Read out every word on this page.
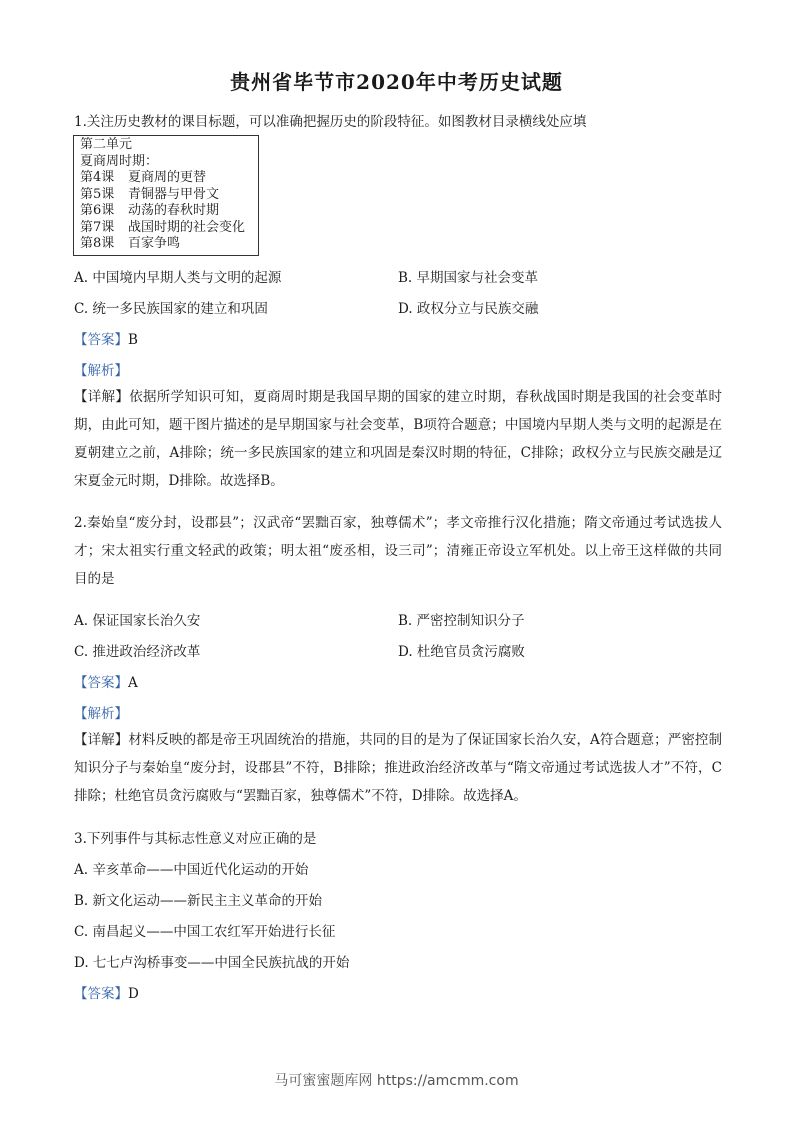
贵州省毕节市2020年中考历史试题
1.关注历史教材的课目标题，可以准确把握历史的阶段特征。如图教材目录横线处应填
第二单元
夏商周时期：
第4课 夏商周的更替
第5课 青铜器与甲骨文
第6课 动荡的春秋时期
第7课 战国时期的社会变化
第8课 百家争鸣
A. 中国境内早期人类与文明的起源	B. 早期国家与社会变革
C. 统一多民族国家的建立和巩固	D. 政权分立与民族交融
【答案】B
【解析】
【详解】依据所学知识可知，夏商周时期是我国早期的国家的建立时期，春秋战国时期是我国的社会变革时期，由此可知，题干图片描述的是早期国家与社会变革，B项符合题意；中国境内早期人类与文明的起源是在夏朝建立之前，A排除；统一多民族国家的建立和巩固是秦汉时期的特征，C排除；政权分立与民族交融是辽宋夏金元时期，D排除。故选择B。
2.秦始皇“废分封，设郡县”；汉武帝“罢黜百家，独尊儒术”；孝文帝推行汉化措施；隋文帝通过考试选拔人才；宋太祖实行重文轻武的政策；明太祖“废丞相，设三司”；清雍正帝设立军机处。以上帝王这样做的共同目的是
A. 保证国家长治久安	B. 严密控制知识分子
C. 推进政治经济改革	D. 杜绝官员贪污腐败
【答案】A
【解析】
【详解】材料反映的都是帝王巩固统治的措施，共同的目的是为了保证国家长治久安，A符合题意；严密控制知识分子与秦始皇“废分封，设郡县”不符，B排除；推进政治经济改革与“隋文帝通过考试选拔人才”不符，C排除；杜绝官员贪污腐败与“罢黜百家，独尊儒术”不符，D排除。故选择A。
3.下列事件与其标志性意义对应正确的是
A. 辛亥革命——中国近代化运动的开始
B. 新文化运动——新民主主义革命的开始
C. 南昌起义——中国工农红军开始进行长征
D. 七七卢沟桥事变——中国全民族抗战的开始
【答案】D
马可蜜蜜题库网 https://amcmm.com
